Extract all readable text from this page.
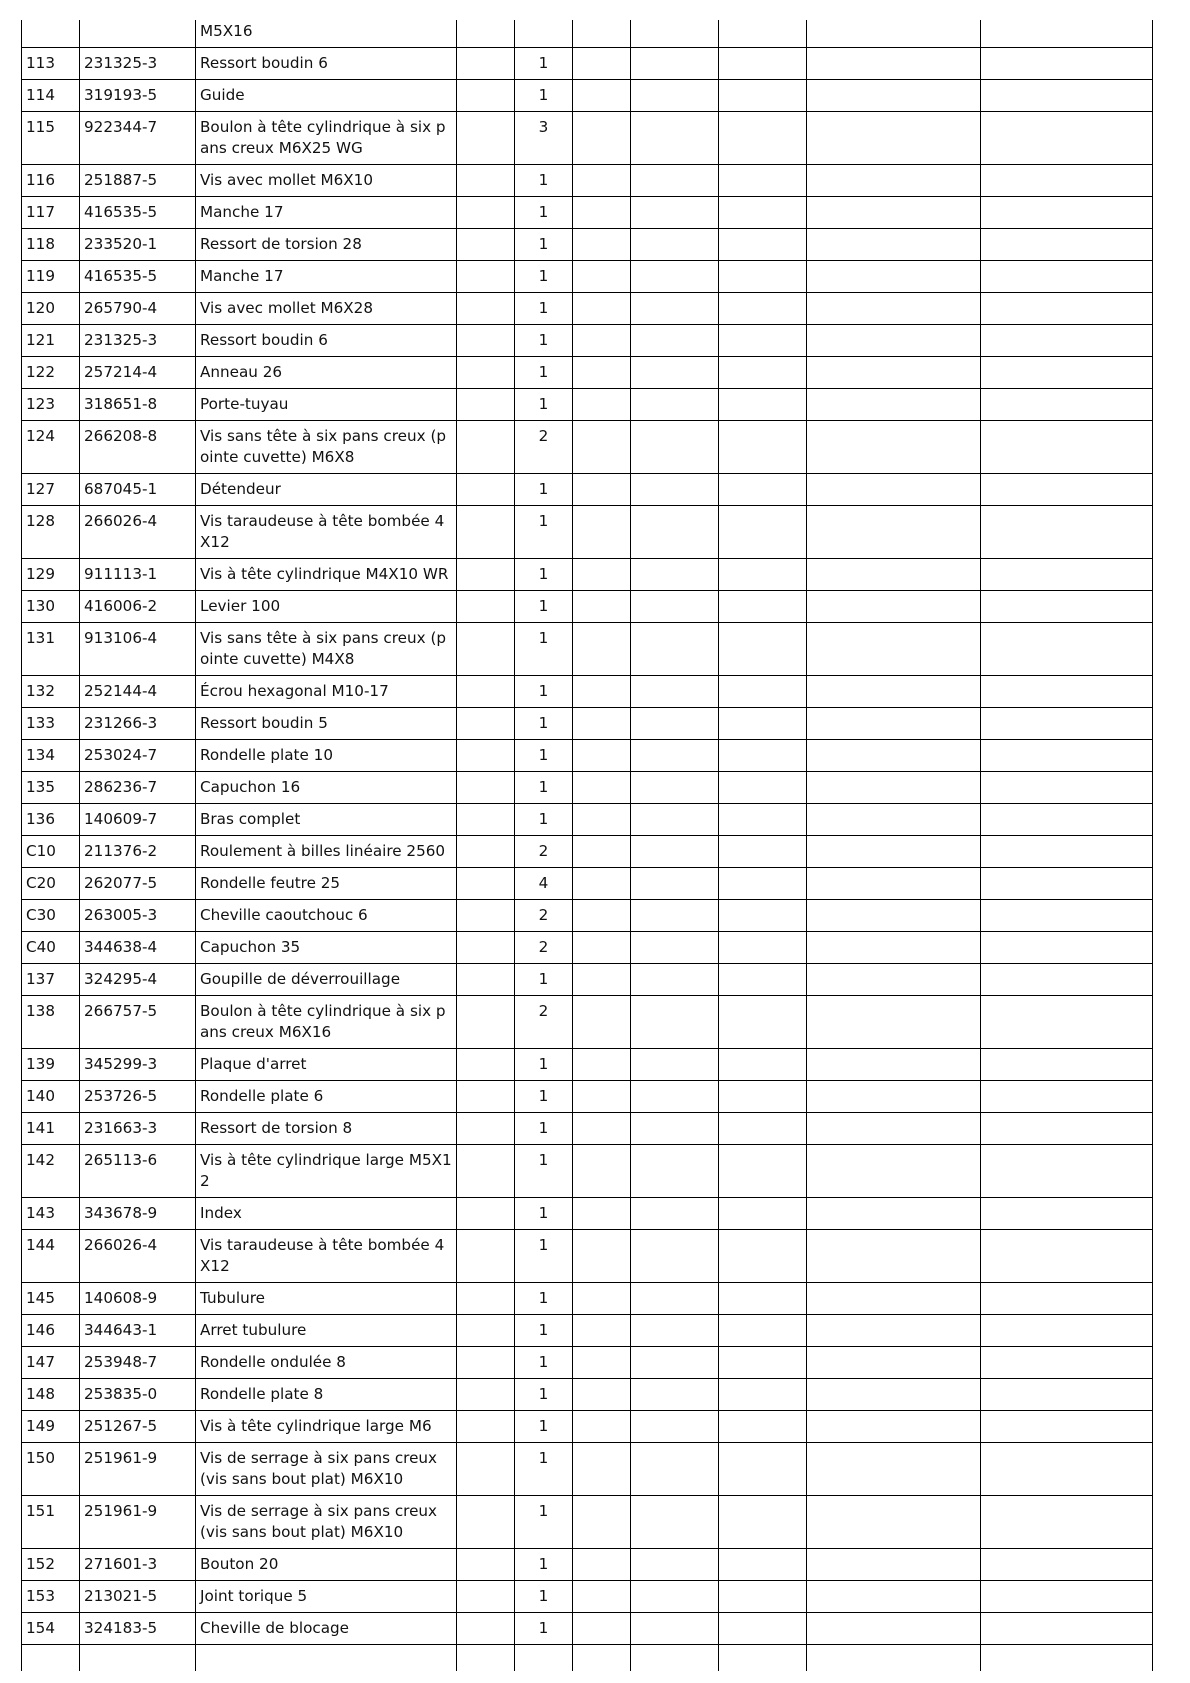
		M5X16							
113	231325-3	Ressort boudin 6		1					
114	319193-5	Guide		1					
115	922344-7	Boulon à tête cylindrique à six pans creux M6X25 WG		3					
116	251887-5	Vis avec mollet M6X10		1					
117	416535-5	Manche 17		1					
118	233520-1	Ressort de torsion 28		1					
119	416535-5	Manche 17		1					
120	265790-4	Vis avec mollet M6X28		1					
121	231325-3	Ressort boudin 6		1					
122	257214-4	Anneau 26		1					
123	318651-8	Porte-tuyau		1					
124	266208-8	Vis sans tête à six pans creux (pointe cuvette) M6X8		2					
127	687045-1	Détendeur		1					
128	266026-4	Vis taraudeuse à tête bombée 4X12		1					
129	911113-1	Vis à tête cylindrique M4X10 WR		1					
130	416006-2	Levier 100		1					
131	913106-4	Vis sans tête à six pans creux (pointe cuvette) M4X8		1					
132	252144-4	Écrou hexagonal M10-17		1					
133	231266-3	Ressort boudin 5		1					
134	253024-7	Rondelle plate 10		1					
135	286236-7	Capuchon 16		1					
136	140609-7	Bras complet		1					
C10	211376-2	Roulement à billes linéaire 2560		2					
C20	262077-5	Rondelle feutre 25		4					
C30	263005-3	Cheville caoutchouc 6		2					
C40	344638-4	Capuchon 35		2					
137	324295-4	Goupille de déverrouillage		1					
138	266757-5	Boulon à tête cylindrique à six pans creux M6X16		2					
139	345299-3	Plaque d'arret		1					
140	253726-5	Rondelle plate 6		1					
141	231663-3	Ressort de torsion 8		1					
142	265113-6	Vis à tête cylindrique large M5X12		1					
143	343678-9	Index		1					
144	266026-4	Vis taraudeuse à tête bombée 4X12		1					
145	140608-9	Tubulure		1					
146	344643-1	Arret tubulure		1					
147	253948-7	Rondelle ondulée 8		1					
148	253835-0	Rondelle plate 8		1					
149	251267-5	Vis à tête cylindrique large M6		1					
150	251961-9	Vis de serrage à six pans creux (vis sans bout plat) M6X10		1					
151	251961-9	Vis de serrage à six pans creux (vis sans bout plat) M6X10		1					
152	271601-3	Bouton 20		1					
153	213021-5	Joint torique 5		1					
154	324183-5	Cheville de blocage		1					
